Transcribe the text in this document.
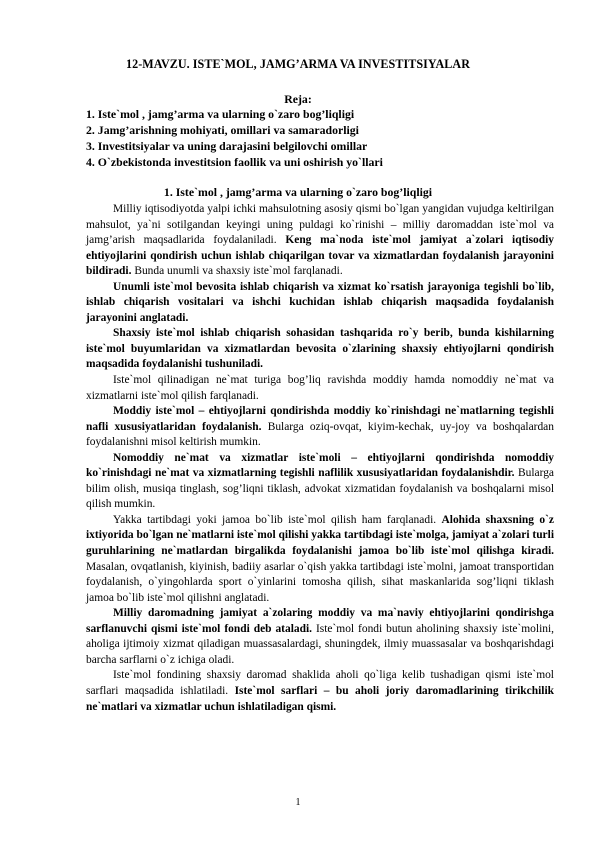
12-MAVZU. ISTE`MOL, JAMG’ARMA VA INVESTITSIYALAR
Reja:
1. Iste`mol , jamg’arma va ularning o`zaro bog’liqligi
2. Jamg’arishning mohiyati, omillari va samaradorligi
3. Investitsiyalar va uning darajasini belgilovchi omillar
4. O`zbekistonda investitsion faollik va uni oshirish yo`llari
1. Iste`mol , jamg’arma va ularning o`zaro bog’liqligi

Milliy iqtisodiyotda yalpi ichki mahsulotning asosiy qismi bo`lgan yangidan vujudga keltirilgan mahsulot, ya`ni sotilgandan keyingi uning puldagi ko`rinishi – milliy daromaddan iste`mol va jamg’arish maqsadlarida foydalaniladi. Keng ma`noda iste`mol jamiyat a`zolari iqtisodiy ehtiyojlarini qondirish uchun ishlab chiqarilgan tovar va xizmatlardan foydalanish jarayonini bildiradi. Bunda unumli va shaxsiy iste`mol farqlanadi.

Unumli iste`mol bevosita ishlab chiqarish va xizmat ko`rsatish jarayoniga tegishli bo`lib, ishlab chiqarish vositalari va ishchi kuchidan ishlab chiqarish maqsadida foydalanish jarayonini anglatadi.

Shaxsiy iste`mol ishlab chiqarish sohasidan tashqarida ro`y berib, bunda kishilarning iste`mol buyumlaridan va xizmatlardan bevosita o`zlarining shaxsiy ehtiyojlarni qondirish maqsadida foydalanishi tushuniladi.

Iste`mol qilinadigan ne`mat turiga bog’liq ravishda moddiy hamda nomoddiy ne`mat va xizmatlarni iste`mol qilish farqlanadi.

Moddiy iste`mol – ehtiyojlarni qondirishda moddiy ko`rinishdagi ne`matlarning tegishli nafli xususiyatlaridan foydalanish. Bularga oziq-ovqat, kiyim-kechak, uy-joy va boshqalardan foydalanishni misol keltirish mumkin.

Nomoddiy ne`mat va xizmatlar iste`moli – ehtiyojlarni qondirishda nomoddiy ko`rinishdagi ne`mat va xizmatlarning tegishli naflilik xususiyatlaridan foydalanishdir. Bularga bilim olish, musiqa tinglash, sog’liqni tiklash, advokat xizmatidan foydalanish va boshqalarni misol qilish mumkin.

Yakka tartibdagi yoki jamoa bo`lib iste`mol qilish ham farqlanadi. Alohida shaxsning o`z ixtiyorida bo`lgan ne`matlarni iste`mol qilishi yakka tartibdagi iste`molga, jamiyat a`zolari turli guruhlarining ne`matlardan birgalikda foydalanishi jamoa bo`lib iste`mol qilishga kiradi. Masalan, ovqatlanish, kiyinish, badiiy asarlar o`qish yakka tartibdagi iste`molni, jamoat transportidan foydalanish, o`yingohlarda sport o`yinlarini tomosha qilish, sihat maskanlarida sog’liqni tiklash jamoa bo`lib iste`mol qilishni anglatadi.

Milliy daromadning jamiyat a`zolaring moddiy va ma`naviy ehtiyojlarini qondirishga sarflanuvchi qismi iste`mol fondi deb ataladi. Iste`mol fondi butun aholining shaxsiy iste`molini, aholiga ijtimoiy xizmat qiladigan muassasalardagi, shuningdek, ilmiy muassasalar va boshqarishdagi barcha sarflarni o`z ichiga oladi.

Iste`mol fondining shaxsiy daromad shaklida aholi qo`liga kelib tushadigan qismi iste`mol sarflari maqsadida ishlatiladi. Iste`mol sarflari – bu aholi joriy daromadlarining tirikchilik ne`matlari va xizmatlar uchun ishlatiladigan qismi.

1
